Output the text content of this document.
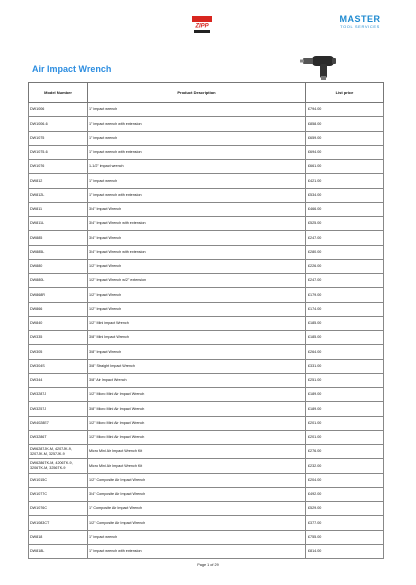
ZIPP
MASTER
TOOL SERVICES
Air Impact Wrench
Model Number	Product Description	List price
DW1006	1" impact wrench	£794.00
DW1006-6	1" impact wrench with extension	£858.00
DW1075	1" impact wrench	£659.00
DW1075-6	1" impact wrench with extension	£694.00
DW1076	1-1/2" impact wrench	£661.00
DW812	1" impact wrench	£421.00
DW812L	1" impact wrench with extension	£534.00
DW811	3/4" Impact Wrench	£466.00
DW811L	3/4" Impact Wrench with extension	£525.00
DW885	3/4" Impact Wrench	£247.00
DW885L	3/4" Impact Wrench with extension	£280.00
DW880	1/2" Impact Wrench	£226.00
DW880L	1/2" Impact Wrench w/2" extension	£247.00
DW868R	1/2" Impact Wrench	£179.00
DW866	1/2" Impact Wrench	£174.00
DW840	1/2" Mini impact Wrench	£185.00
DW335	3/8" Mini Impact Wrench	£185.00
DW305	3/8" Impact Wrench	£264.00
DW304S	3/8" Straight Impact Wrench	£331.00
DW344	3/8" Air Impact Wrench	£251.00
DW3287J	1/2" Micro Mini Air Impact Wrench	£189.00
DW3257J	3/8" Micro Mini Air Impact Wrench	£189.00
DW4028E7	1/2" Micro Mini Air Impact Wrench	£201.00
DW3286T	1/2" Micro Mini Air Impact Wrench	£201.00
DW6287JK-M, 4207JK-9, 3207JK-M, 3257JK-9	Micro Mini Air Impact Wrench Kit	£276.00
DW6286TK-M, 4206TK-9, 3206TK-M, 3256TK-9	Micro Mini Air Impact Wrench Kit	£232.00
DW1015C	1/2" Composite Air Impact Wrench	£204.00
DW1077C	3/4" Composite Air Impact Wrench	£492.00
DW1076C	1" Composite Air Impact Wrench	£529.00
DW1083CT	1/2" Composite Air Impact Wrench	£377.00
DW818	1" impact wrench	£755.00
DW818L	1" impact wrench with extension	£814.00
Page 1 of 29
